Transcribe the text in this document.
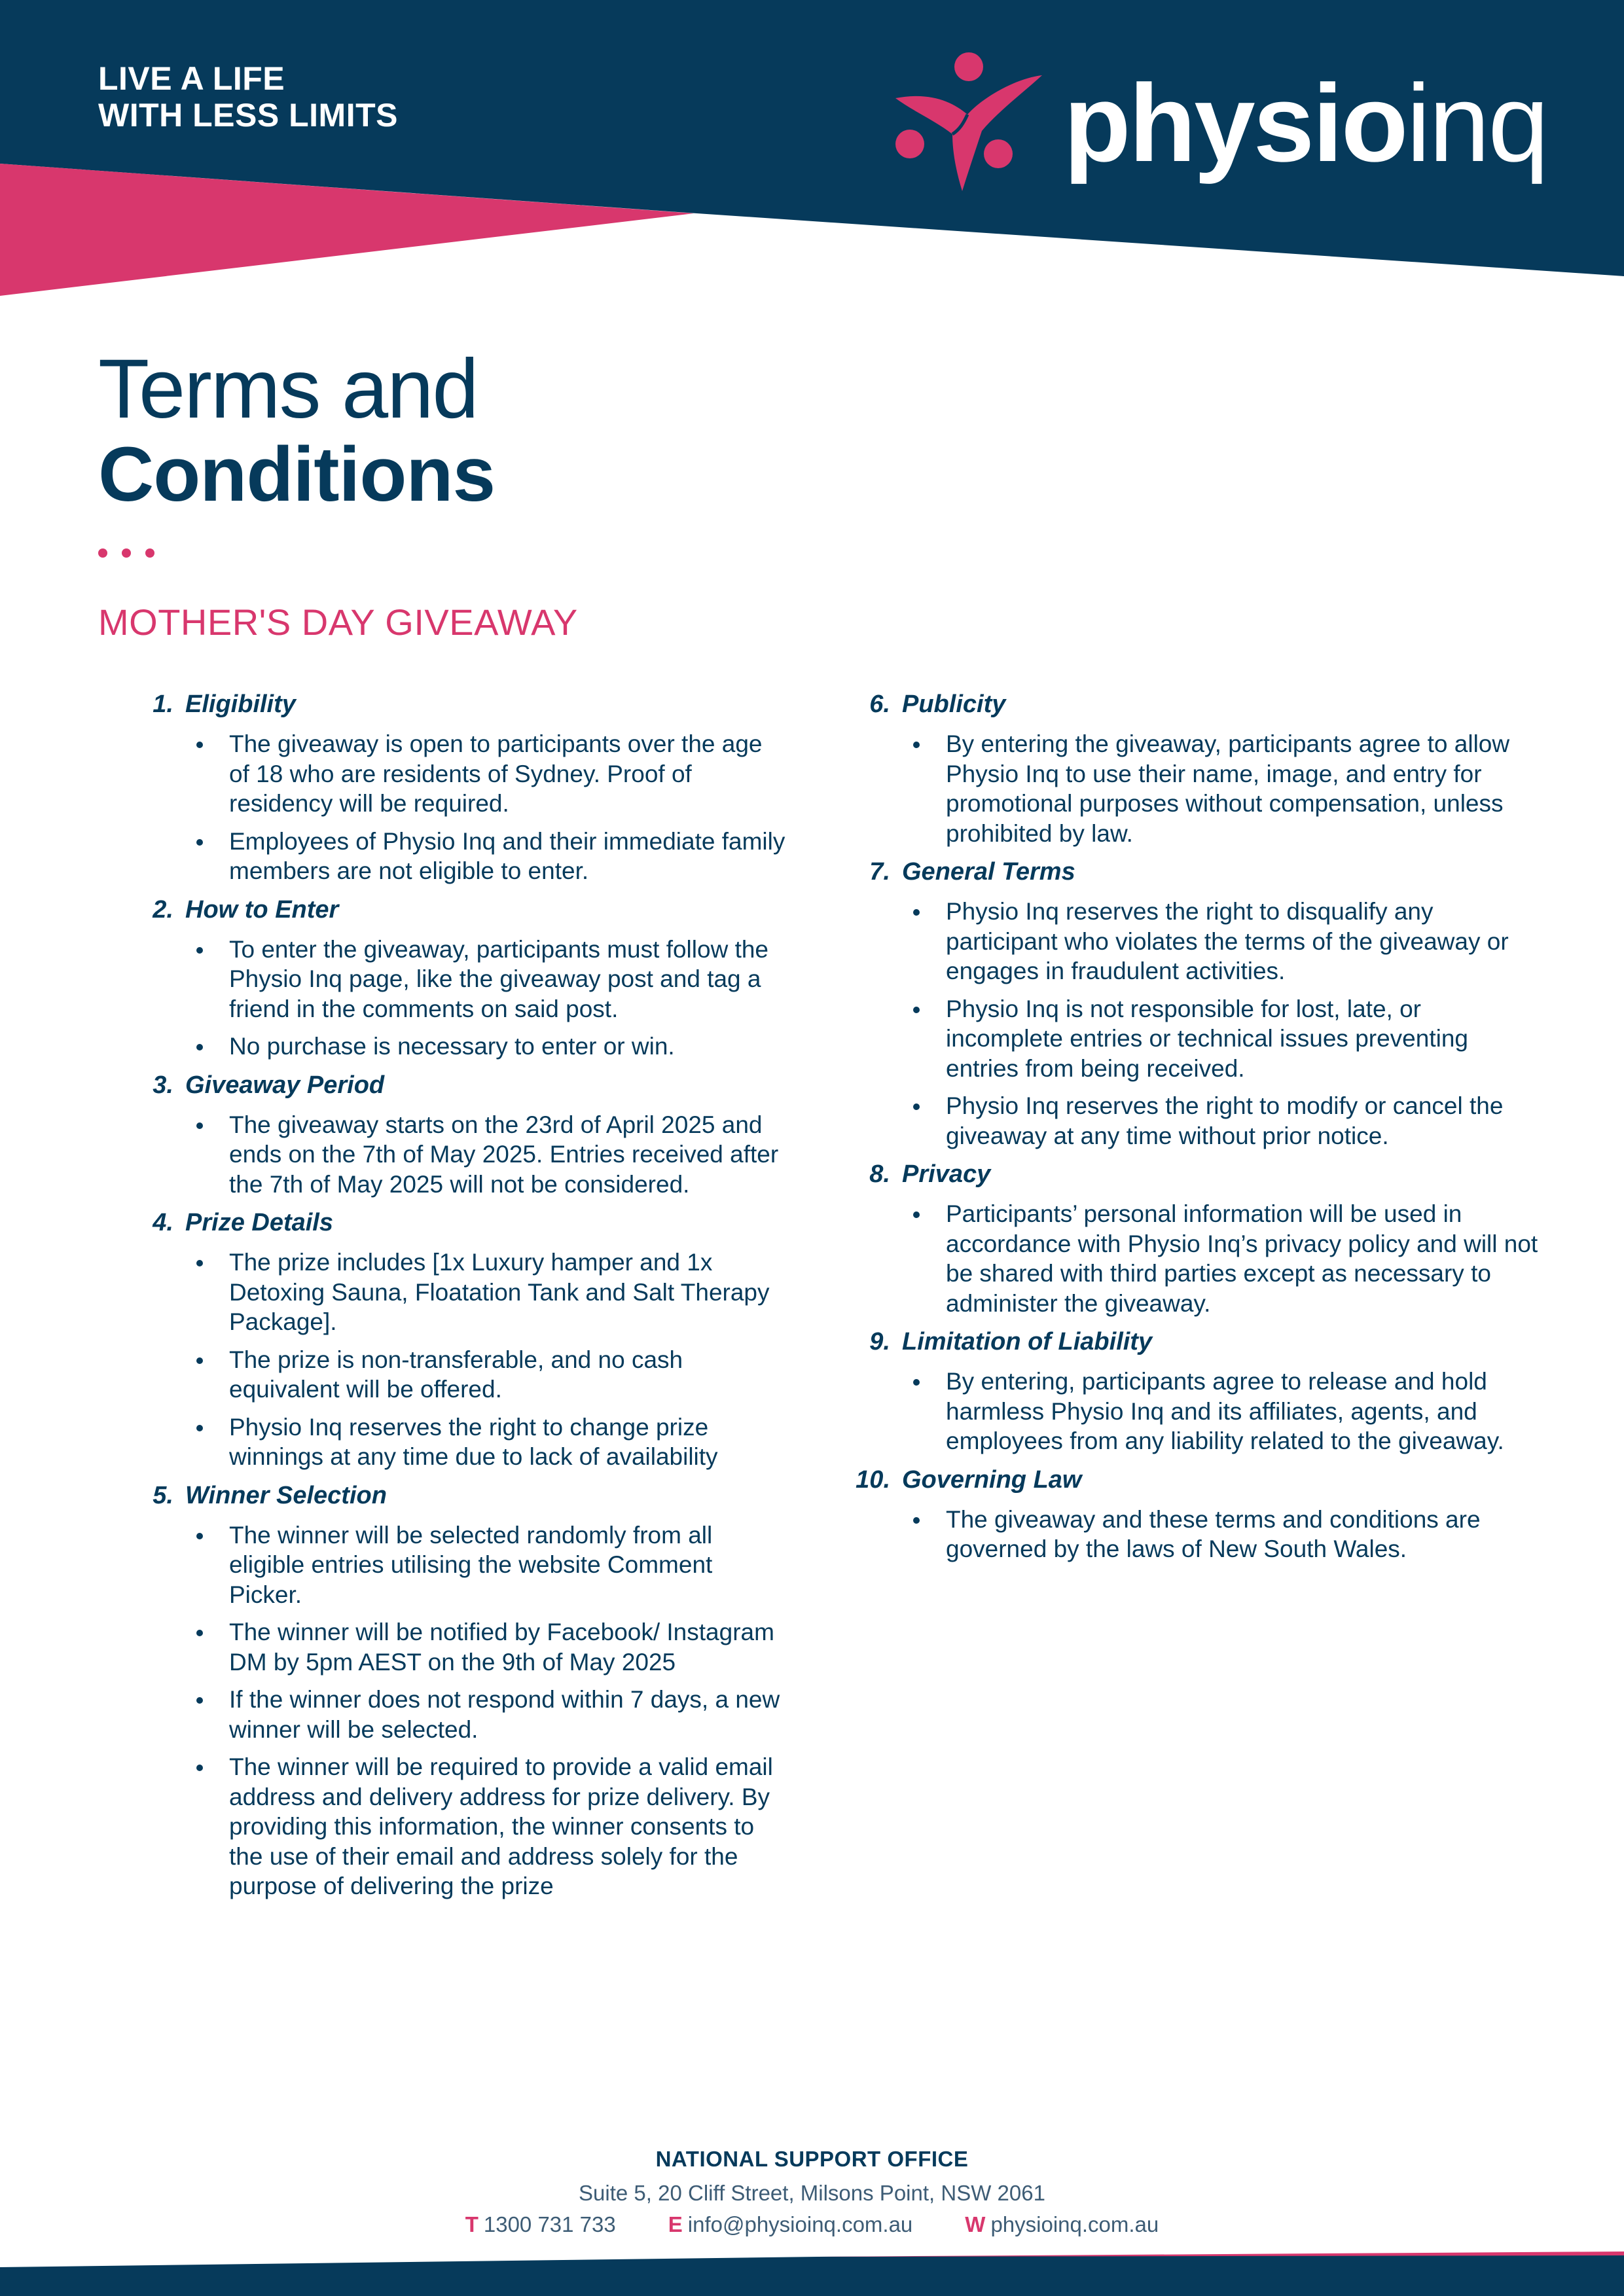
LIVE A LIFE
WITH LESS LIMITS	physioinq
Terms and
Conditions
MOTHER'S DAY GIVEAWAY
1. Eligibility
The giveaway is open to participants over the age of 18 who are residents of Sydney. Proof of residency will be required.
Employees of Physio Inq and their immediate family members are not eligible to enter.
2. How to Enter
To enter the giveaway, participants must follow the Physio Inq page, like the giveaway post and tag a friend in the comments on said post.
No purchase is necessary to enter or win.
3. Giveaway Period
The giveaway starts on the 23rd of April 2025 and ends on the 7th of May 2025. Entries received after the 7th of May 2025 will not be considered.
4. Prize Details
The prize includes [1x Luxury hamper and 1x Detoxing Sauna, Floatation Tank and Salt Therapy Package].
The prize is non-transferable, and no cash equivalent will be offered.
Physio Inq reserves the right to change prize winnings at any time due to lack of availability
5. Winner Selection
The winner will be selected randomly from all eligible entries utilising the website Comment Picker.
The winner will be notified by Facebook/ Instagram DM by 5pm AEST on the 9th of May 2025
If the winner does not respond within 7 days, a new winner will be selected.
The winner will be required to provide a valid email address and delivery address for prize delivery. By providing this information, the winner consents to the use of their email and address solely for the purpose of delivering the prize
6. Publicity
By entering the giveaway, participants agree to allow Physio Inq to use their name, image, and entry for promotional purposes without compensation, unless prohibited by law.
7. General Terms
Physio Inq reserves the right to disqualify any participant who violates the terms of the giveaway or engages in fraudulent activities.
Physio Inq is not responsible for lost, late, or incomplete entries or technical issues preventing entries from being received.
Physio Inq reserves the right to modify or cancel the giveaway at any time without prior notice.
8. Privacy
Participants’ personal information will be used in accordance with Physio Inq’s privacy policy and will not be shared with third parties except as necessary to administer the giveaway.
9. Limitation of Liability
By entering, participants agree to release and hold harmless Physio Inq and its affiliates, agents, and employees from any liability related to the giveaway.
10. Governing Law
The giveaway and these terms and conditions are governed by the laws of New South Wales.
NATIONAL SUPPORT OFFICE
Suite 5, 20 Cliff Street, Milsons Point, NSW 2061
T 1300 731 733 E info@physioinq.com.au W physioinq.com.au
